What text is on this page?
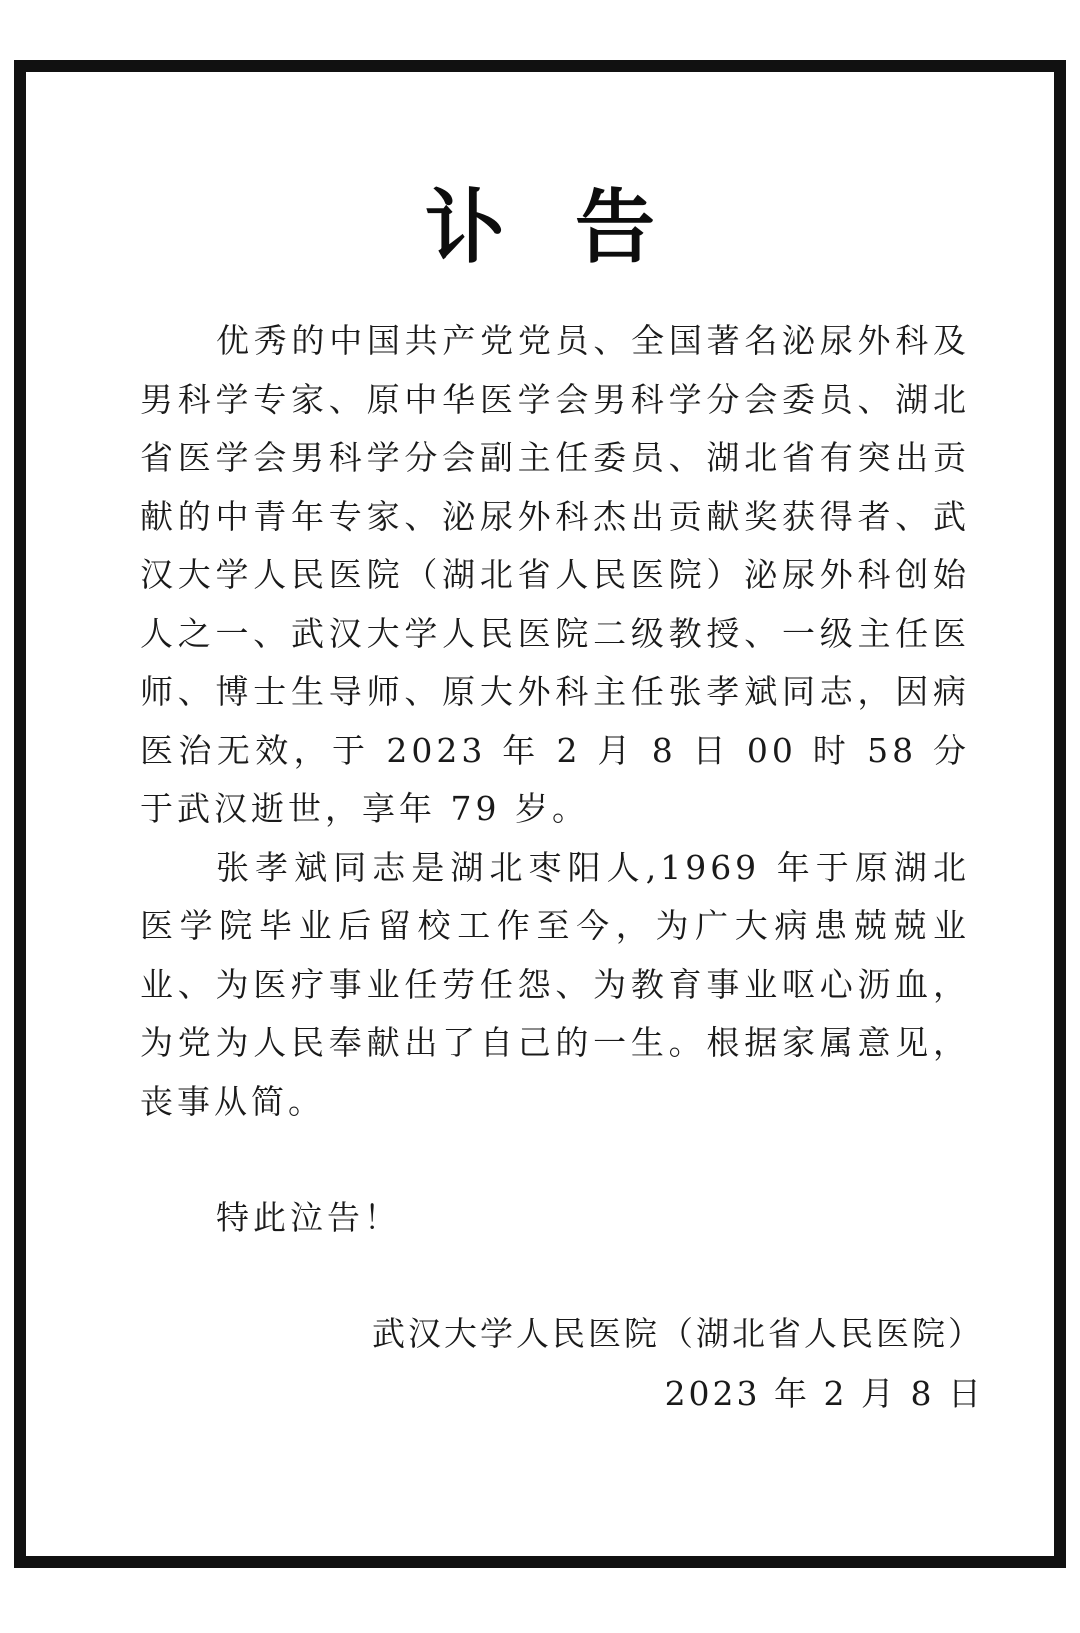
讣告

优秀的中国共产党党员、全国著名泌尿外科及男科学专家、原中华医学会男科学分会委员、湖北省医学会男科学分会副主任委员、湖北省有突出贡献的中青年专家、泌尿外科杰出贡献奖获得者、武汉大学人民医院（湖北省人民医院）泌尿外科创始人之一、武汉大学人民医院二级教授、一级主任医师、博士生导师、原大外科主任张孝斌同志，因病医治无效，于 2023 年 2 月 8 日 00 时 58 分于武汉逝世，享年 79 岁。

张孝斌同志是湖北枣阳人,1969 年于原湖北医学院毕业后留校工作至今，为广大病患兢兢业业、为医疗事业任劳任怨、为教育事业呕心沥血，为党为人民奉献出了自己的一生。根据家属意见，丧事从简。

特此泣告！
武汉大学人民医院（湖北省人民医院）
2023 年 2 月 8 日
